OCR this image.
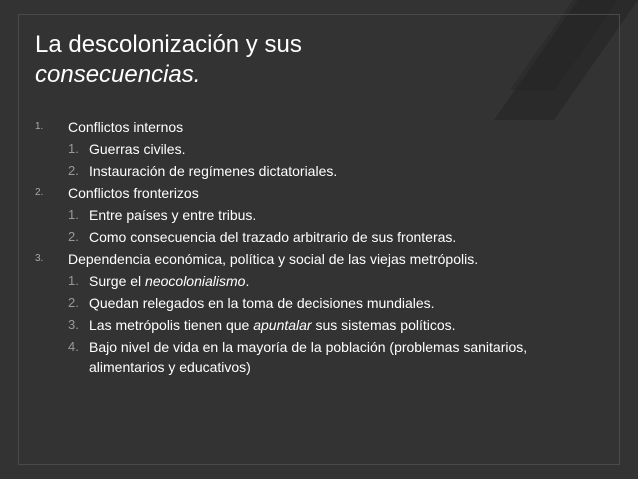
La descolonización y sus
consecuencias.
1. Conflictos internos
1. Guerras civiles.
2. Instauración de regímenes dictatoriales.
2. Conflictos fronterizos
1. Entre países y entre tribus.
2. Como consecuencia del trazado arbitrario de sus fronteras.
3. Dependencia económica, política y social de las viejas metrópolis.
1. Surge el neocolonialismo.
2. Quedan relegados en la toma de decisiones mundiales.
3. Las metrópolis tienen que apuntalar sus sistemas políticos.
4. Bajo nivel de vida en la mayoría de la población (problemas sanitarios, alimentarios y educativos)
